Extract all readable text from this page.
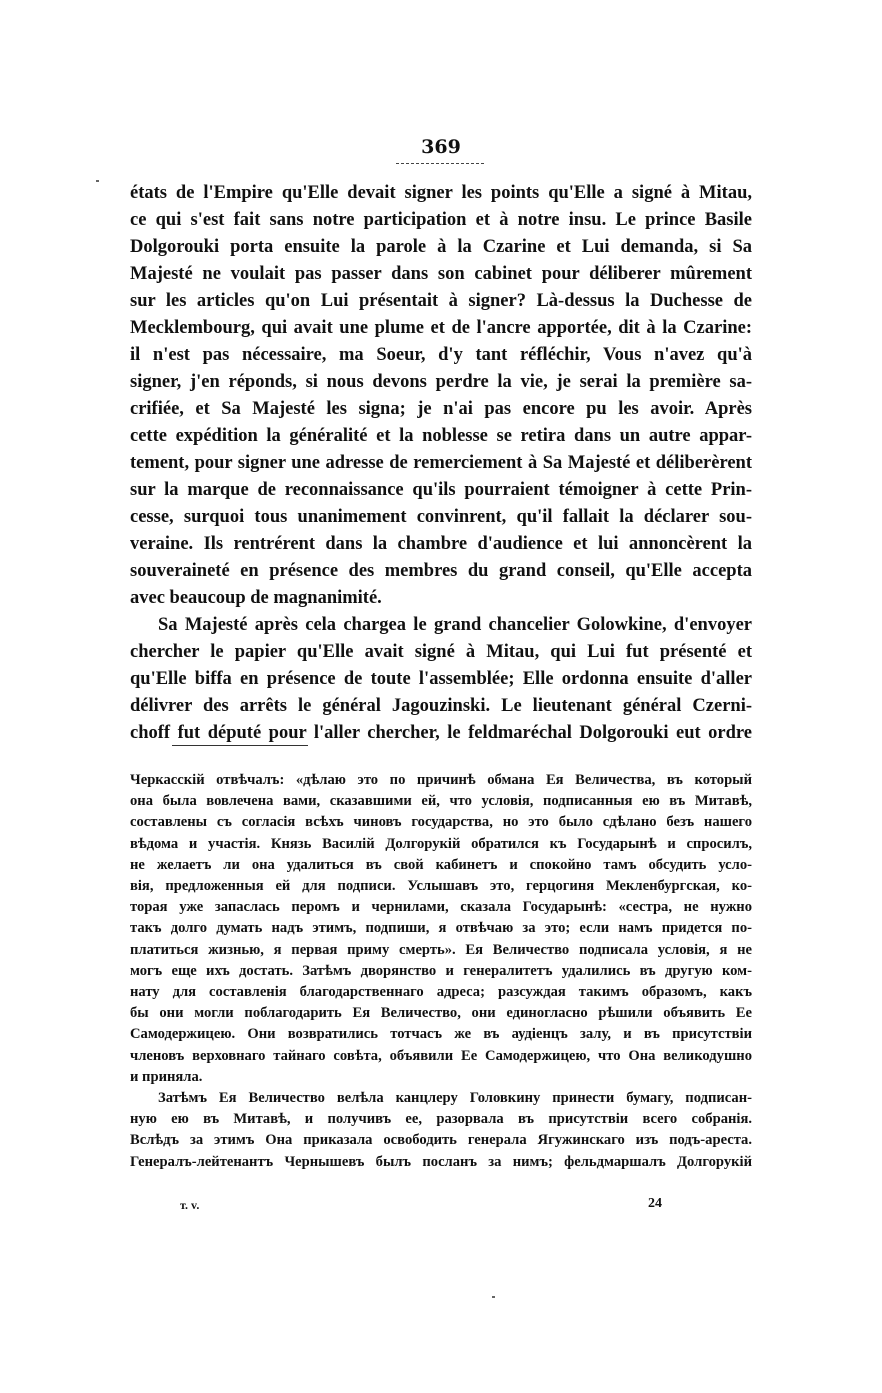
369
états de l'Empire qu'Elle devait signer les points qu'Elle a signé à Mitau,
ce qui s'est fait sans notre participation et à notre insu. Le prince Basile
Dolgorouki porta ensuite la parole à la Czarine et Lui demanda, si Sa
Majesté ne voulait pas passer dans son cabinet pour déliberer mûrement
sur les articles qu'on Lui présentait à signer? Là-dessus la Duchesse de
Mecklembourg, qui avait une plume et de l'ancre apportée, dit à la Czarine:
il n'est pas nécessaire, ma Soeur, d'y tant réfléchir, Vous n'avez qu'à
signer, j'en réponds, si nous devons perdre la vie, je serai la première sa-
crifiée, et Sa Majesté les signa; je n'ai pas encore pu les avoir. Après
cette expédition la généralité et la noblesse se retira dans un autre appar-
tement, pour signer une adresse de remerciement à Sa Majesté et déliberèrent
sur la marque de reconnaissance qu'ils pourraient témoigner à cette Prin-
cesse, surquoi tous unanimement convinrent, qu'il fallait la déclarer sou-
veraine. Ils rentrérent dans la chambre d'audience et lui annoncèrent la
souveraineté en présence des membres du grand conseil, qu'Elle accepta
avec beaucoup de magnanimité.
Sa Majesté après cela chargea le grand chancelier Golowkine, d'envoyer
chercher le papier qu'Elle avait signé à Mitau, qui Lui fut présenté et
qu'Elle biffa en présence de toute l'assemblée; Elle ordonna ensuite d'aller
délivrer des arrêts le général Jagouzinski. Le lieutenant général Czerni-
choff fut député pour l'aller chercher, le feldmaréchal Dolgorouki eut ordre
Черкасскій отвѣчалъ: «дѣлаю это по причинѣ обмана Ея Величества, въ который
она была вовлечена вами, сказавшими ей, что условія, подписанныя ею въ Митавѣ,
составлены съ согласія всѣхъ чиновъ государства, но это было сдѣлано безъ нашего
вѣдома и участія. Князь Василій Долгорукій обратился къ Государынѣ и спросилъ,
не желаетъ ли она удалиться въ свой кабинетъ и спокойно тамъ обсудить усло-
вія, предложенныя ей для подписи. Услышавъ это, герцогиня Мекленбургская, ко-
торая уже запаслась перомъ и чернилами, сказала Государынѣ: «сестра, не нужно
такъ долго думать надъ этимъ, подпиши, я отвѣчаю за это; если намъ придется по-
платиться жизнью, я первая приму смерть». Ея Величество подписала условія, я не
могъ еще ихъ достать. Затѣмъ дворянство и генералитетъ удалились въ другую ком-
нату для составленія благодарственнаго адреса; разсуждая такимъ образомъ, какъ
бы они могли поблагодарить Ея Величество, они единогласно рѣшили объявить Ее
Самодержицею. Они возвратились тотчасъ же въ аудіенцъ залу, и въ присутствіи
членовъ верховнаго тайнаго совѣта, объявили Ее Самодержицею, что Она великодушно
и приняла.
Затѣмъ Ея Величество велѣла канцлеру Головкину принести бумагу, подписан-
ную ею въ Митавѣ, и получивъ ее, разорвала въ присутствіи всего собранія.
Вслѣдъ за этимъ Она приказала освободить генерала Ягужинскаго изъ подъ-ареста.
Генералъ-лейтенантъ Чернышевъ былъ посланъ за нимъ; фельдмаршалъ Долгорукій
т. v.	24
